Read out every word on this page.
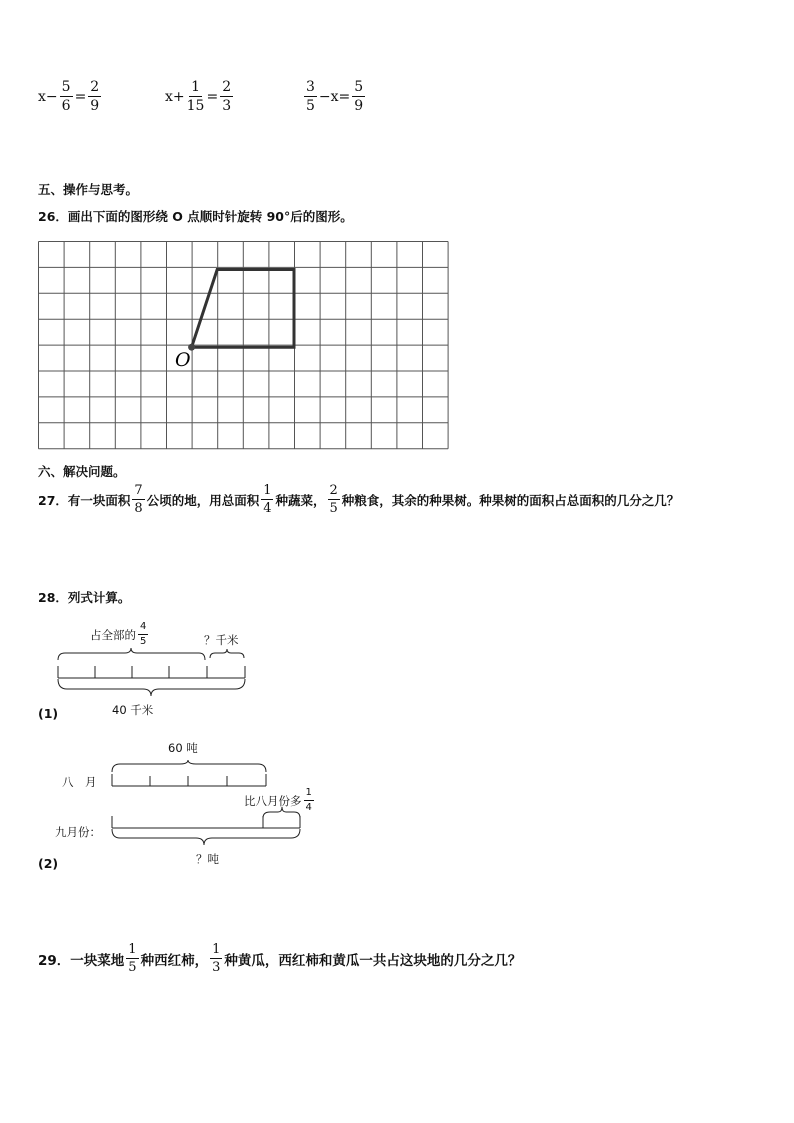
$x- \frac{5}{6} = \frac{2}{9}$	$x+ \frac{1}{15} = \frac{2}{3}$	$\frac{3}{5} -x= \frac{5}{9}$
五、操作与思考。
26．画出下面的图形绕 O 点顺时针旋转 90°后的图形。
O
六、解决问题。
27．有一块面积 $\frac{7}{8}$ 公顷的地，用总面积 $\frac{1}{4}$ 种蔬菜， $\frac{2}{5}$ 种粮食，其余的种果树。种果树的面积占总面积的几分之几？
28．列式计算。
占全部的 $\frac{4}{5}$	？千米
40 千米
(1)
60 吨
八　月
比八月份多 $\frac{1}{4}$
九月份：
？吨
(2)
29．一块菜地 $\frac{1}{5}$ 种西红柿， $\frac{1}{3}$ 种黄瓜，西红柿和黄瓜一共占这块地的几分之几？
